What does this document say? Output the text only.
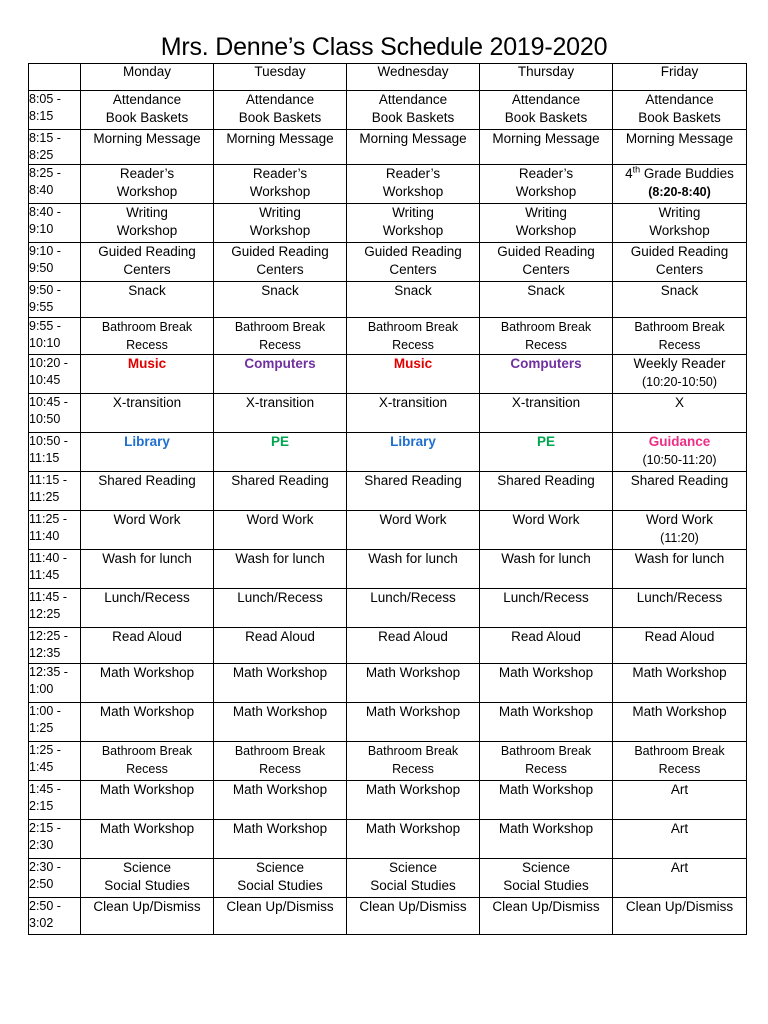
Mrs. Denne’s Class Schedule 2019-2020
	Monday	Tuesday	Wednesday	Thursday	Friday

8:05 -
8:15	Attendance
Book Baskets	Attendance
Book Baskets	Attendance
Book Baskets	Attendance
Book Baskets	Attendance
Book Baskets

8:15 -
8:25	Morning Message	Morning Message	Morning Message	Morning Message	Morning Message

8:25 -
8:40	Reader’s
Workshop	Reader’s
Workshop	Reader’s
Workshop	Reader’s
Workshop	4th Grade Buddies
(8:20-8:40)

8:40 -
9:10	Writing
Workshop	Writing
Workshop	Writing
Workshop	Writing
Workshop	Writing
Workshop

9:10 -
9:50	Guided Reading
Centers	Guided Reading
Centers	Guided Reading
Centers	Guided Reading
Centers	Guided Reading
Centers

9:50 -
9:55	Snack	Snack	Snack	Snack	Snack

9:55 -
10:10	Bathroom Break
Recess	Bathroom Break
Recess	Bathroom Break
Recess	Bathroom Break
Recess	Bathroom Break
Recess

10:20 -
10:45	Music	Computers	Music	Computers	Weekly Reader
(10:20-10:50)

10:45 -
10:50	X-transition	X-transition	X-transition	X-transition	X

10:50 -
11:15	Library	PE	Library	PE	Guidance
(10:50-11:20)

11:15 -
11:25	Shared Reading	Shared Reading	Shared Reading	Shared Reading	Shared Reading

11:25 -
11:40	Word Work	Word Work	Word Work	Word Work	Word Work
(11:20)

11:40 -
11:45	Wash for lunch	Wash for lunch	Wash for lunch	Wash for lunch	Wash for lunch

11:45 -
12:25	Lunch/Recess	Lunch/Recess	Lunch/Recess	Lunch/Recess	Lunch/Recess

12:25 -
12:35	Read Aloud	Read Aloud	Read Aloud	Read Aloud	Read Aloud

12:35 -
1:00	Math Workshop	Math Workshop	Math Workshop	Math Workshop	Math Workshop

1:00 -
1:25	Math Workshop	Math Workshop	Math Workshop	Math Workshop	Math Workshop

1:25 -
1:45	Bathroom Break
Recess	Bathroom Break
Recess	Bathroom Break
Recess	Bathroom Break
Recess	Bathroom Break
Recess

1:45 -
2:15	Math Workshop	Math Workshop	Math Workshop	Math Workshop	Art

2:15 -
2:30	Math Workshop	Math Workshop	Math Workshop	Math Workshop	Art

2:30 -
2:50	Science
Social Studies	Science
Social Studies	Science
Social Studies	Science
Social Studies	Art

2:50 -
3:02	Clean Up/Dismiss	Clean Up/Dismiss	Clean Up/Dismiss	Clean Up/Dismiss	Clean Up/Dismiss
